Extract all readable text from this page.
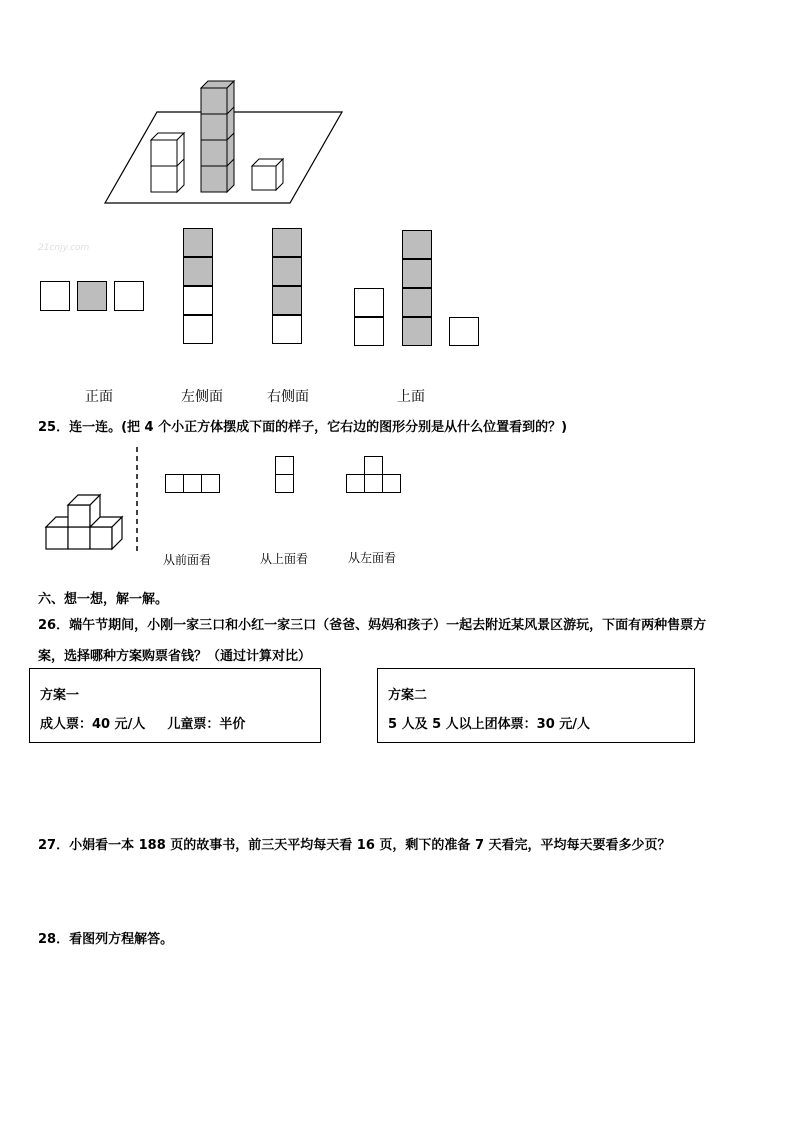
21cnjy.com
正面	左侧面	右侧面	上面
25．连一连。(把 4 个小正方体摆成下面的样子，它右边的图形分别是从什么位置看到的？)
从前面看	从上面看	从左面看
六、想一想，解一解。
26．端午节期间，小刚一家三口和小红一家三口（爸爸、妈妈和孩子）一起去附近某风景区游玩，下面有两种售票方
案，选择哪种方案购票省钱？（通过计算对比）
方案一
成人票：40 元/人 　 儿童票：半价
方案二
5 人及 5 人以上团体票：30 元/人
27．小娟看一本 188 页的故事书，前三天平均每天看 16 页，剩下的准备 7 天看完，平均每天要看多少页？
28．看图列方程解答。
